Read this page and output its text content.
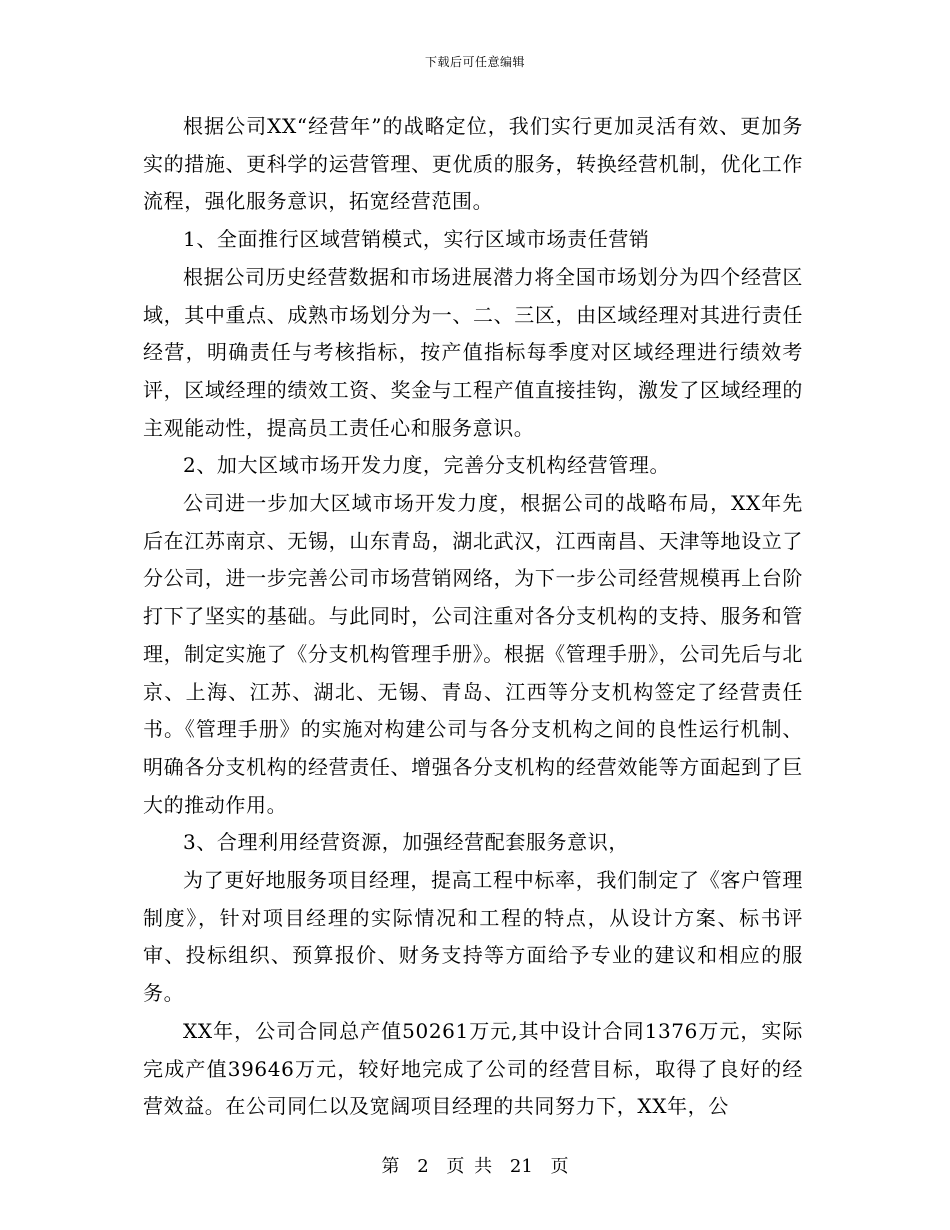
下载后可任意编辑

根据公司XX“经营年”的战略定位，我们实行更加灵活有效、更加务实的措施、更科学的运营管理、更优质的服务，转换经营机制，优化工作流程，强化服务意识，拓宽经营范围。

1、全面推行区域营销模式，实行区域市场责任营销

根据公司历史经营数据和市场进展潜力将全国市场划分为四个经营区域，其中重点、成熟市场划分为一、二、三区，由区域经理对其进行责任经营，明确责任与考核指标，按产值指标每季度对区域经理进行绩效考评，区域经理的绩效工资、奖金与工程产值直接挂钩，激发了区域经理的主观能动性，提高员工责任心和服务意识。

2、加大区域市场开发力度，完善分支机构经营管理。

公司进一步加大区域市场开发力度，根据公司的战略布局，XX年先后在江苏南京、无锡，山东青岛，湖北武汉，江西南昌、天津等地设立了分公司，进一步完善公司市场营销网络，为下一步公司经营规模再上台阶打下了坚实的基础。与此同时，公司注重对各分支机构的支持、服务和管理，制定实施了《分支机构管理手册》。根据《管理手册》，公司先后与北京、上海、江苏、湖北、无锡、青岛、江西等分支机构签定了经营责任书。《管理手册》的实施对构建公司与各分支机构之间的良性运行机制、明确各分支机构的经营责任、增强各分支机构的经营效能等方面起到了巨大的推动作用。

3、合理利用经营资源，加强经营配套服务意识，

为了更好地服务项目经理，提高工程中标率，我们制定了《客户管理制度》，针对项目经理的实际情况和工程的特点，从设计方案、标书评审、投标组织、预算报价、财务支持等方面给予专业的建议和相应的服务。

XX年，公司合同总产值50261万元,其中设计合同1376万元，实际完成产值39646万元，较好地完成了公司的经营目标，取得了良好的经营效益。在公司同仁以及宽阔项目经理的共同努力下，XX年，公

第 2 页 共 21 页
